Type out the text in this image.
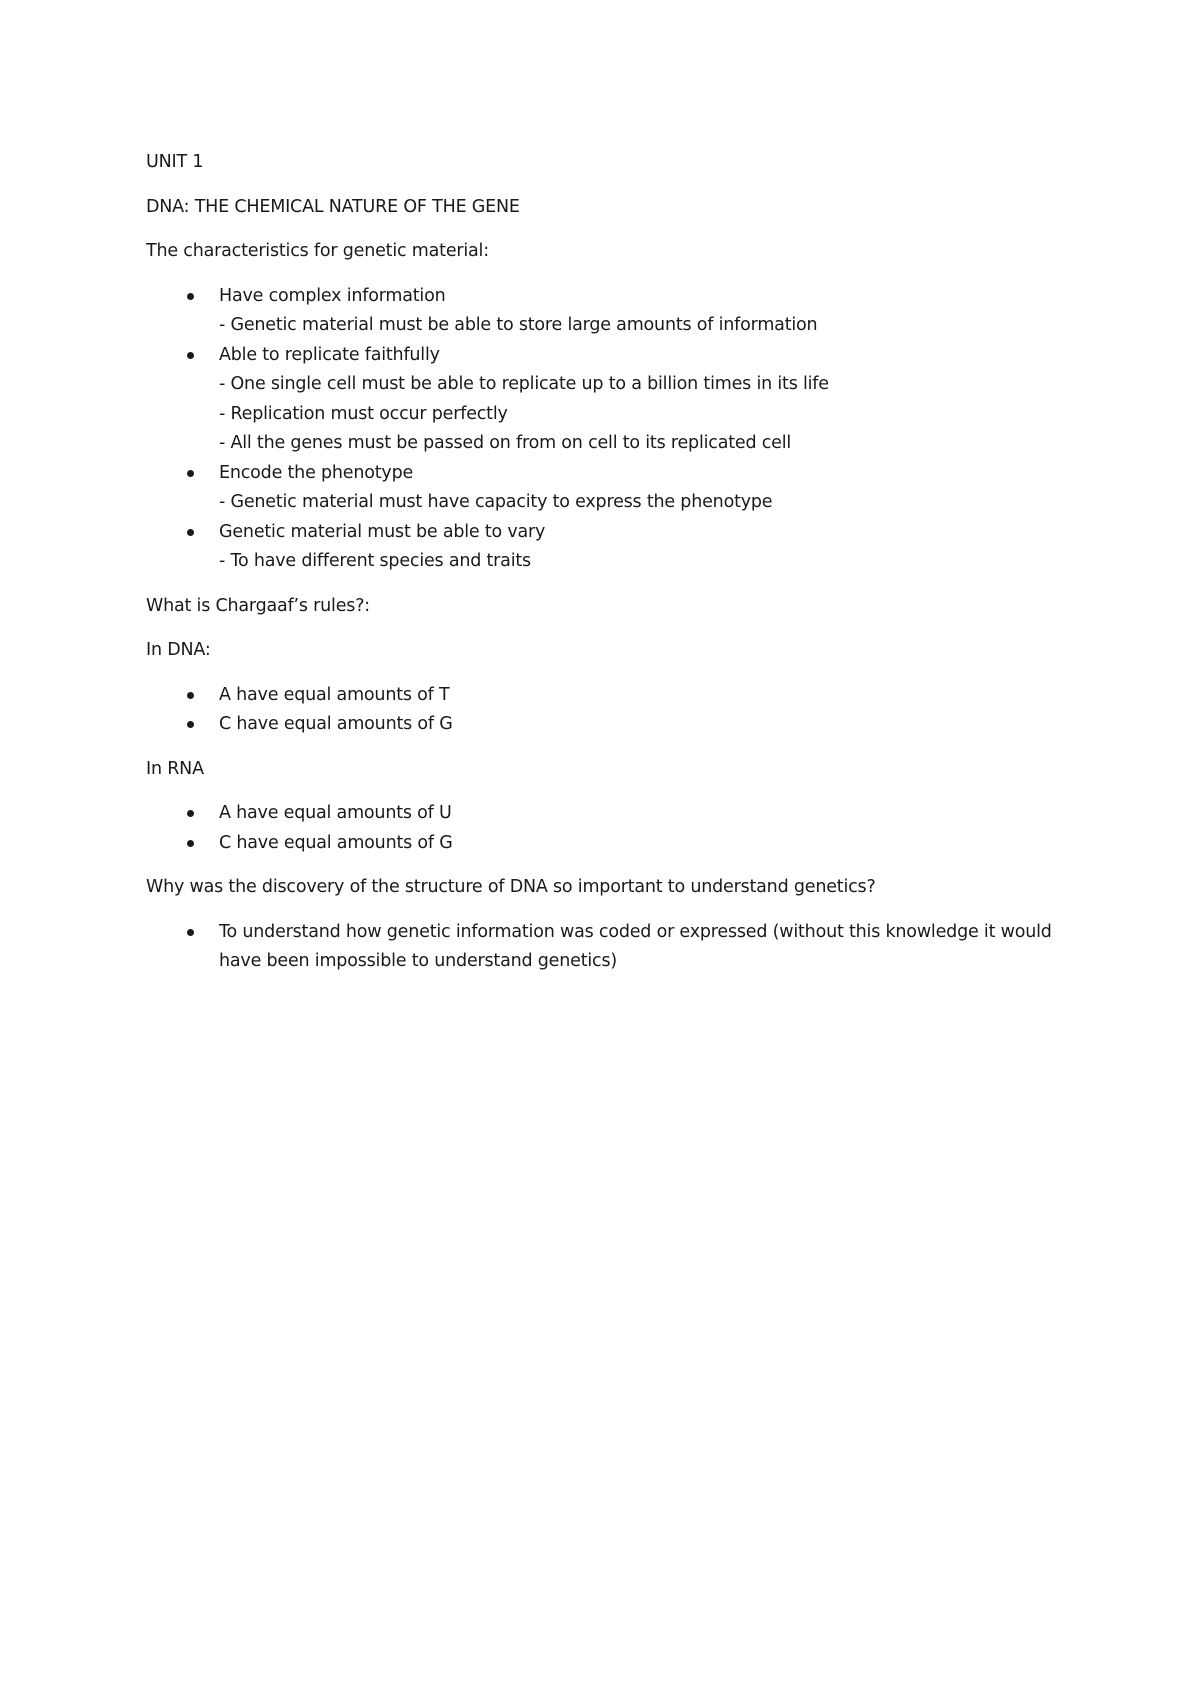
UNIT 1

DNA: THE CHEMICAL NATURE OF THE GENE

The characteristics for genetic material:

Have complex information
- Genetic material must be able to store large amounts of information
Able to replicate faithfully
- One single cell must be able to replicate up to a billion times in its life
- Replication must occur perfectly
- All the genes must be passed on from on cell to its replicated cell
Encode the phenotype
- Genetic material must have capacity to express the phenotype
Genetic material must be able to vary
- To have different species and traits

What is Chargaaf’s rules?:

In DNA:

A have equal amounts of T
C have equal amounts of G

In RNA

A have equal amounts of U
C have equal amounts of G

Why was the discovery of the structure of DNA so important to understand genetics?

To understand how genetic information was coded or expressed (without this knowledge it would have been impossible to understand genetics)
